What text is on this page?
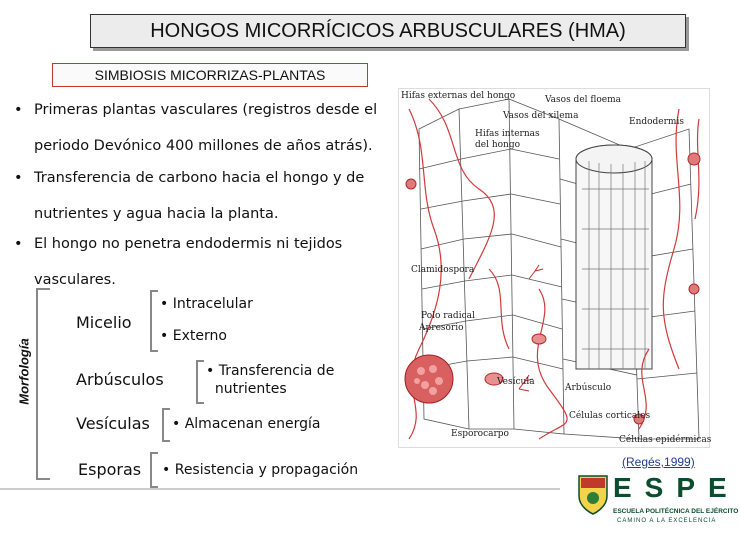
HONGOS MICORRÍCICOS ARBUSCULARES (HMA)
SIMBIOSIS MICORRIZAS-PLANTAS
• Primeras plantas vasculares (registros desde el
periodo Devónico 400 millones de años atrás).
• Transferencia de carbono hacia el hongo y de
nutrientes y agua hacia la planta.
• El hongo no penetra endodermis ni tejidos
vasculares.
Morfología
Micelio
• Intracelular
• Externo
Arbúsculos	• Transferencia de
nutrientes
Vesículas • Almacenan energía
Esporas • Resistencia y propagación
Hifas externas del hongo	Vasos del floema
Vasos del xilema
Endodermis
Hifas internas
del hongo
Clamidospora
Polo radical
Apresorio
Vesícula
Arbúsculo
Células corticales
Esporocarpo
Células epidérmicas
(Regés,1999)
ESPE
ESCUELA POLITÉCNICA DEL EJÉRCITO
CAMINO A LA EXCELENCIA
